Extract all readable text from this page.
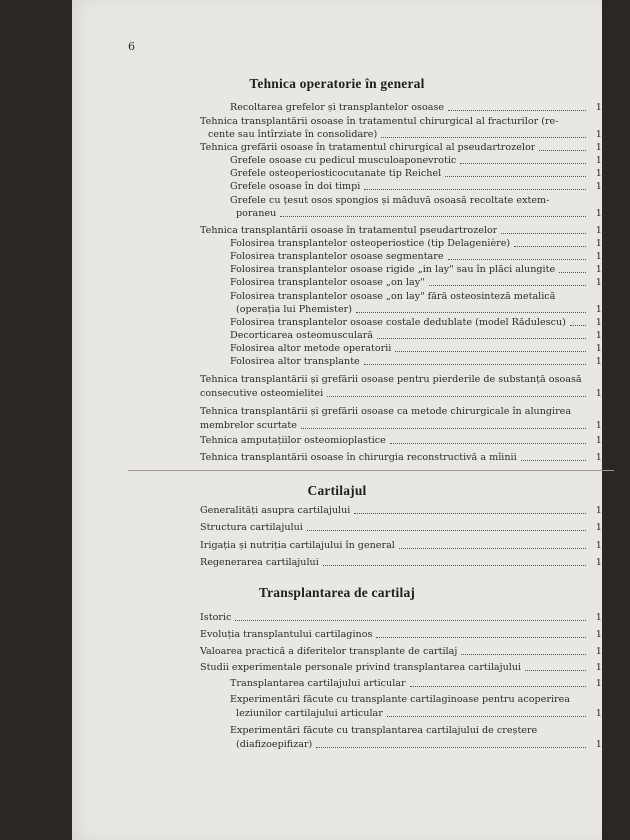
6
Tehnica operatorie în general
Recoltarea grefelor și transplantelor osoase	107
Tehnica transplantării osoase în tratamentul chirurgical al fracturilor (re-
cente sau întîrziate în consolidare)	118
Tehnica grefării osoase în tratamentul chirurgical al pseudartrozelor	123
Grefele osoase cu pedicul musculoaponevrotic	124
Grefele osteoperiosticocutanate tip Reichel	127
Grefele osoase în doi timpi	127
Grefele cu țesut osos spongios și măduvă osoasă recoltate extem-
poraneu	127
Tehnica transplantării osoase în tratamentul pseudartrozelor	129
Folosirea transplantelor osteoperiostice (tip Delagenière)	129
Folosirea transplantelor osoase segmentare	130
Folosirea transplantelor osoase rigide „in lay" sau în plăci alungite	130
Folosirea transplantelor osoase „on lay"	130
Folosirea transplantelor osoase „on lay" fără osteosinteză metalică
(operația lui Phemister)	132
Folosirea transplantelor osoase costale dedublate (model Rădulescu)	132
Decorticarea osteomusculară	133
Folosirea altor metode operatorii	134
Folosirea altor transplante	135
Tehnica transplantării și grefării osoase pentru pierderile de substanță osoasă
consecutive osteomielitei	139
Tehnica transplantării și grefării osoase ca metode chirurgicale în alungirea
membrelor scurtate	143
Tehnica amputațiilor osteomioplastice	148
Tehnica transplantării osoase în chirurgia reconstructivă a mîinii	154
Cartilajul
Generalități asupra cartilajului	158
Structura cartilajului	158
Irigația și nutriția cartilajului în general	169
Regenerarea cartilajului	172
Transplantarea de cartilaj
Istoric	175
Evoluția transplantului cartilaginos	175
Valoarea practică a diferitelor transplante de cartilaj	179
Studii experimentale personale privind transplantarea cartilajului	182
Transplantarea cartilajului articular	182
Experimentări făcute cu transplante cartilaginoase pentru acoperirea
leziunilor cartilajului articular	183
Experimentări făcute cu transplantarea cartilajului de creștere
(diafizoepifizar)	191
